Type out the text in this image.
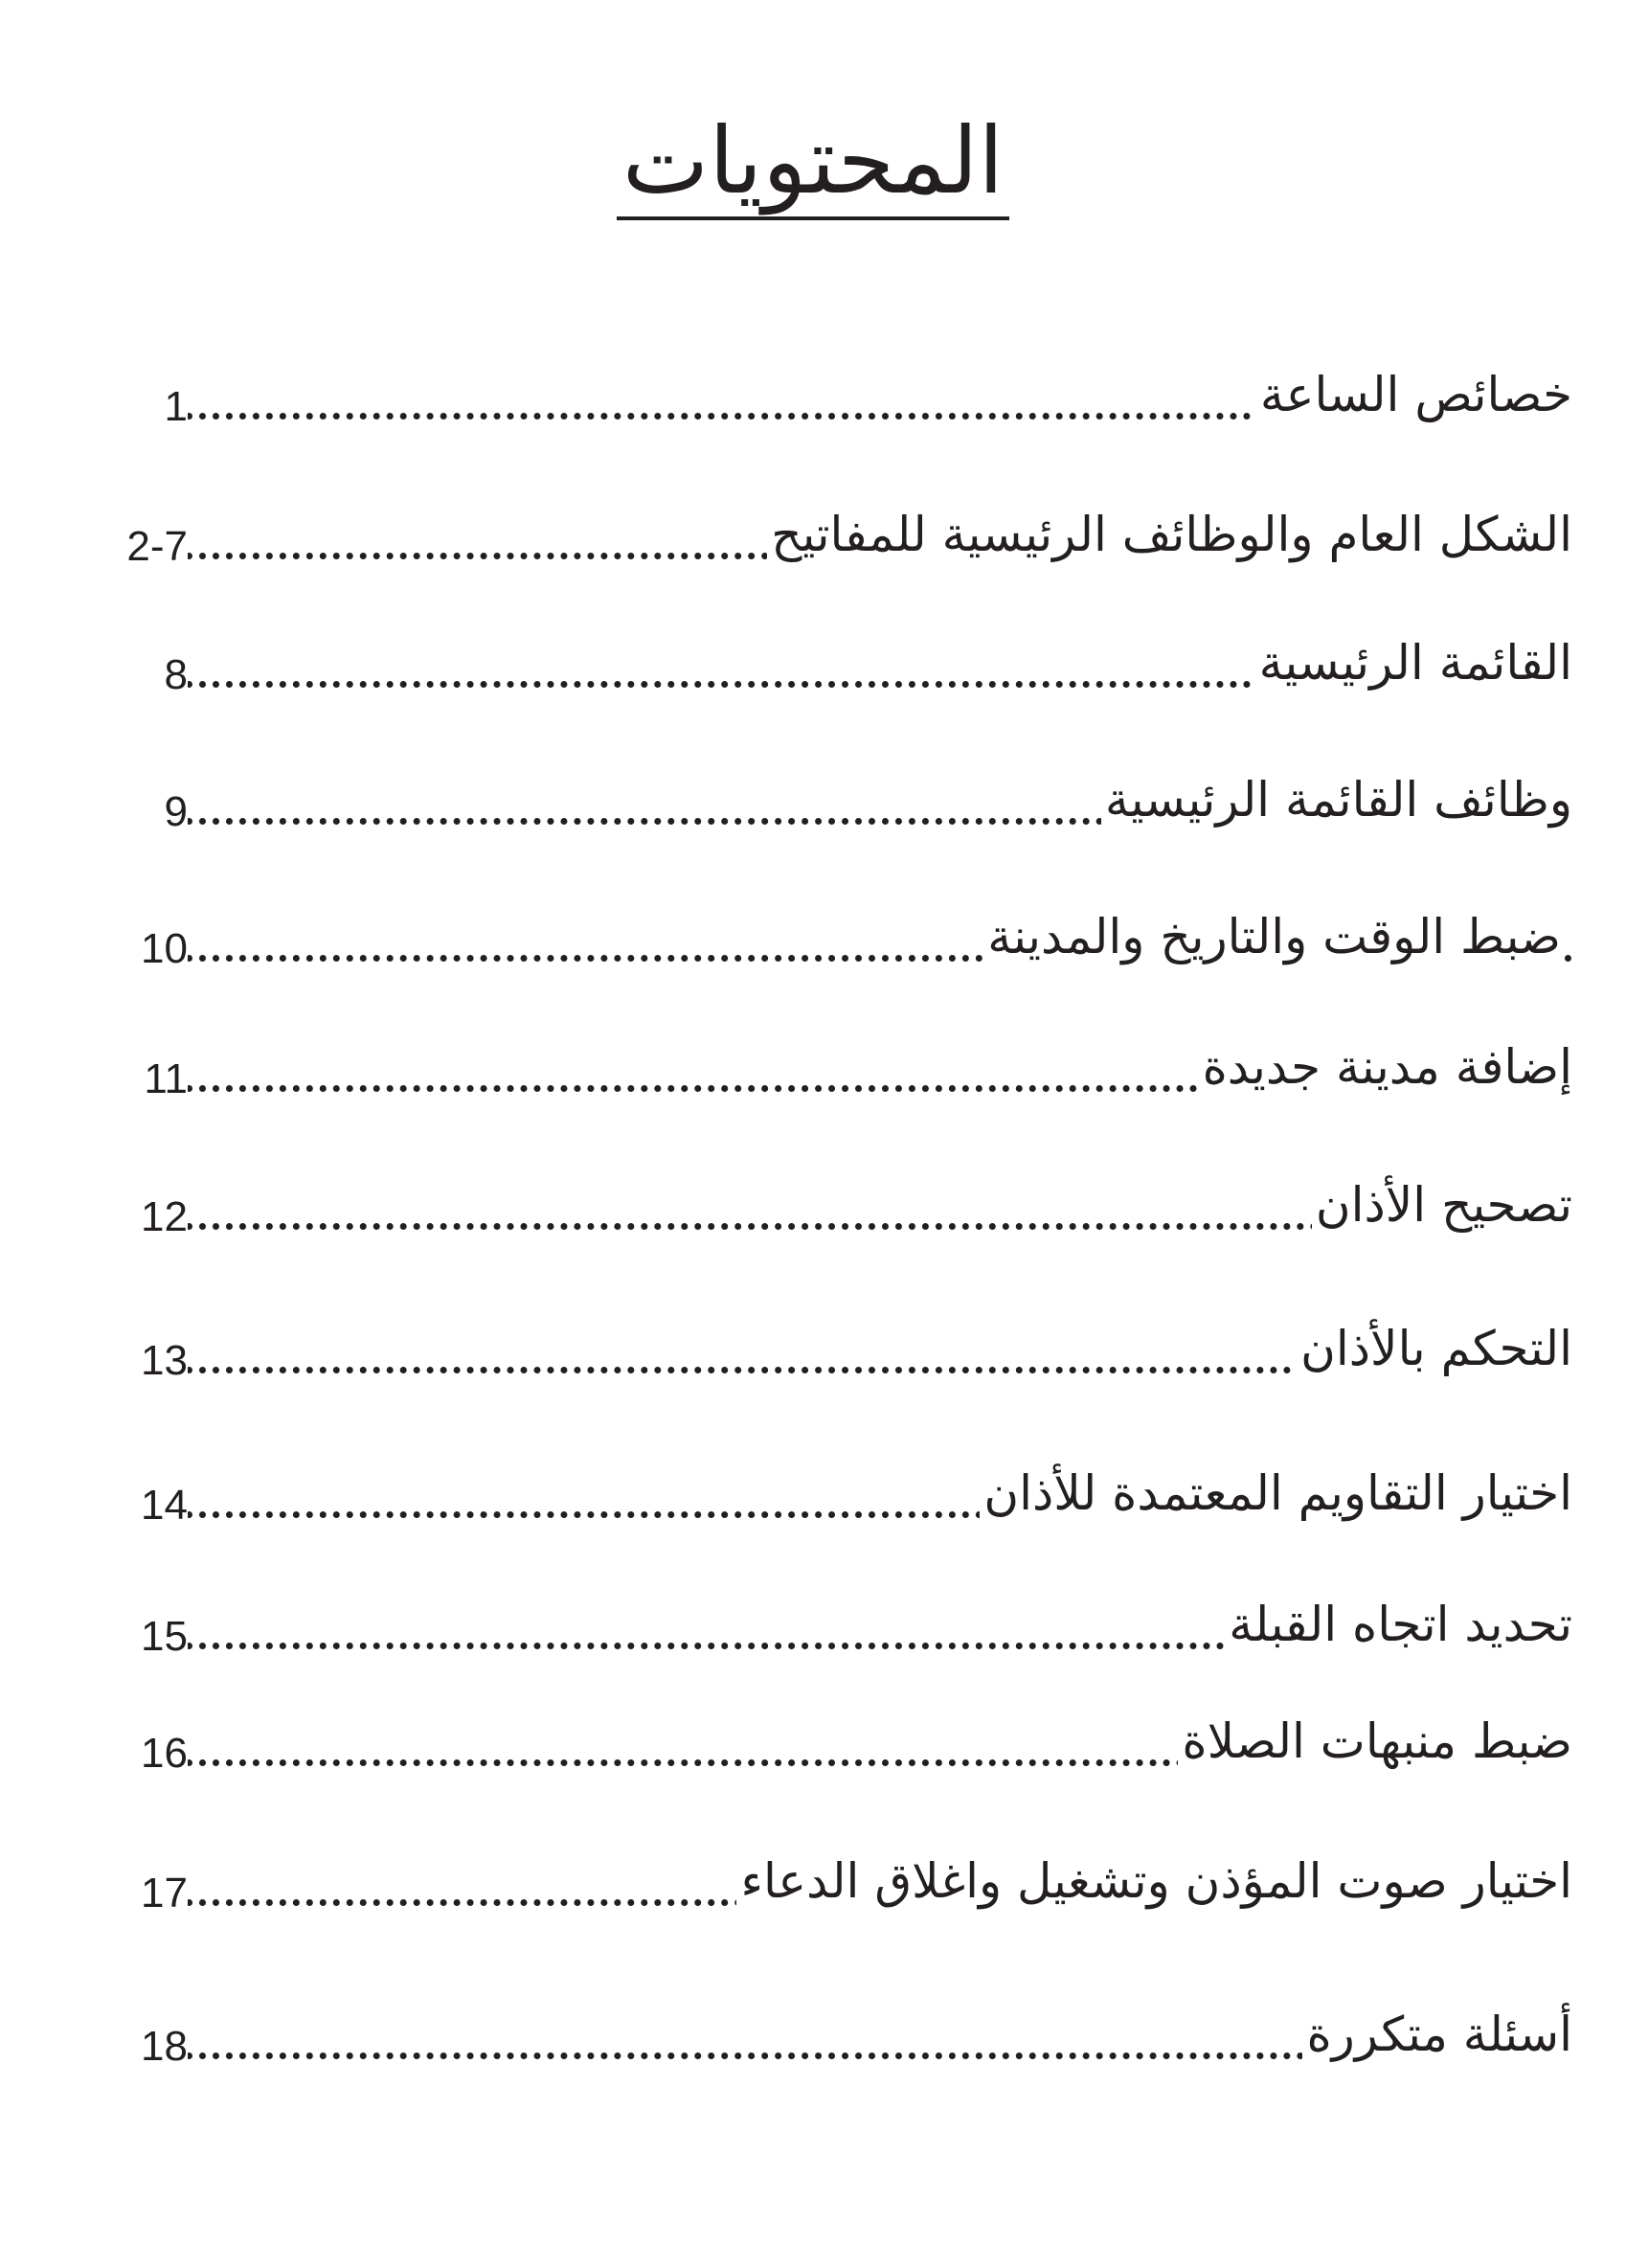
المحتويات
خصائص الساعة
1
الشكل العام والوظائف الرئيسية للمفاتيح
2-7
القائمة الرئيسية
8
وظائف القائمة الرئيسية
9
ضبط الوقت والتاريخ والمدينة
10
إضافة مدينة جديدة
11
تصحيح الأذان
12
التحكم بالأذان
13
اختيار التقاويم المعتمدة للأذان
14
تحديد اتجاه القبلة
15
ضبط منبهات الصلاة
16
اختيار صوت المؤذن وتشغيل واغلاق الدعاء
17
أسئلة متكررة
18
